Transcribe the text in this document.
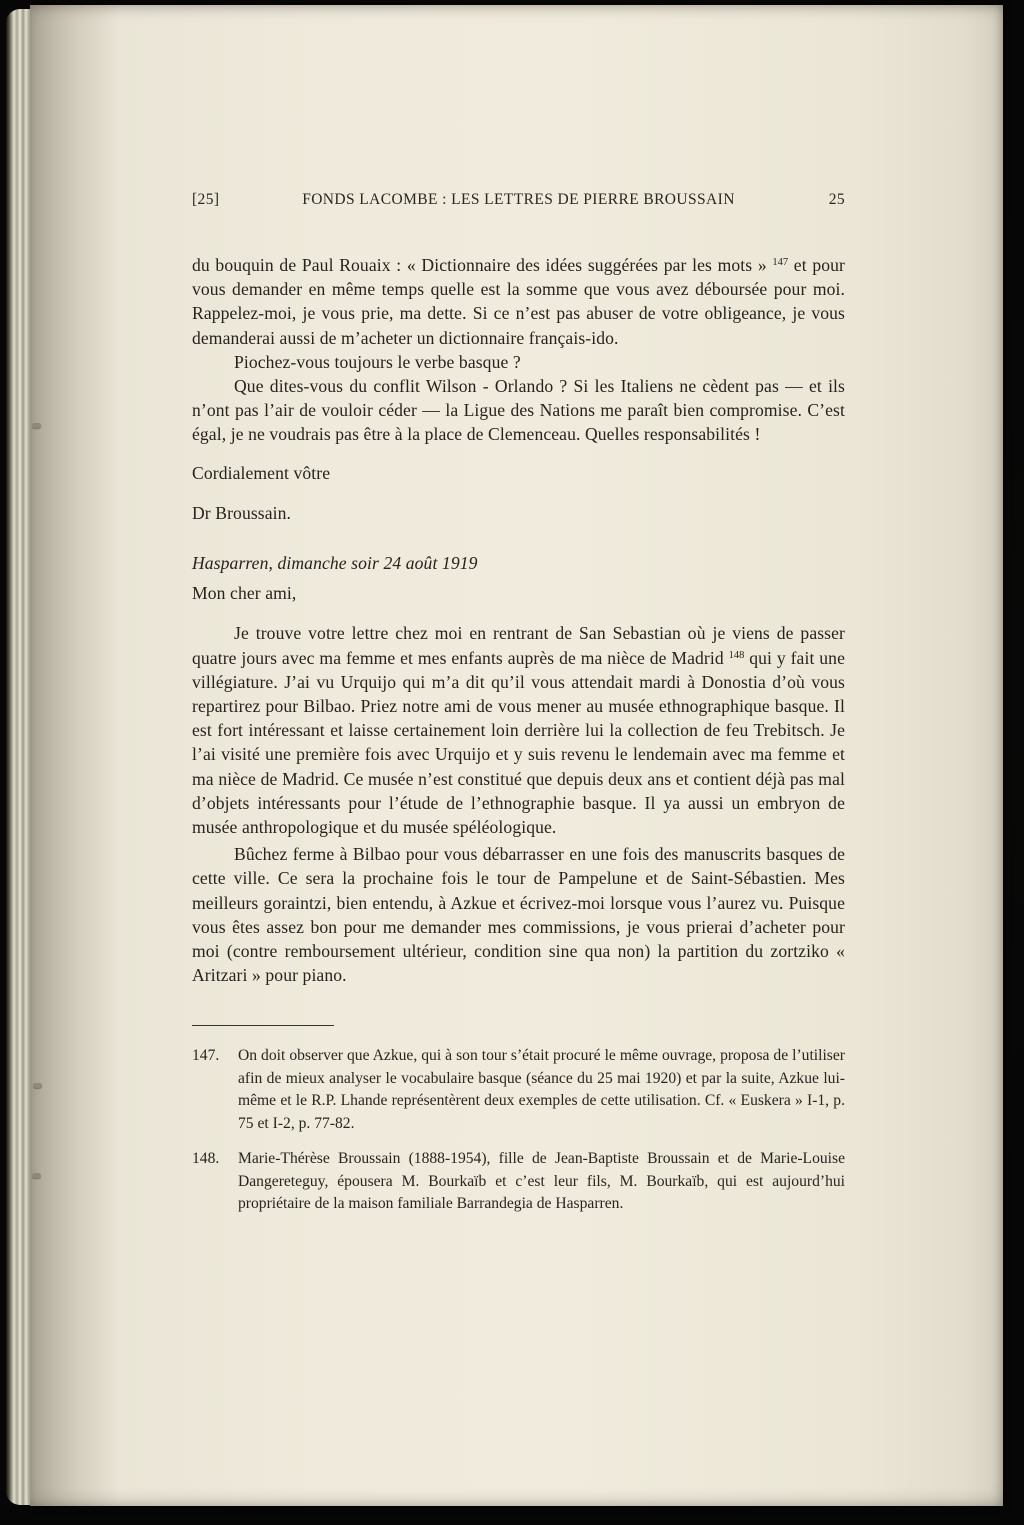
[25]	FONDS LACOMBE : LES LETTRES DE PIERRE BROUSSAIN	25

du bouquin de Paul Rouaix : « Dictionnaire des idées suggérées par les mots » $^{147}$ et pour vous demander en même temps quelle est la somme que vous avez déboursée pour moi. Rappelez-moi, je vous prie, ma dette. Si ce n’est pas abuser de votre obligeance, je vous demanderai aussi de m’acheter un dictionnaire français-ido.

Piochez-vous toujours le verbe basque ?

Que dites-vous du conflit Wilson - Orlando ? Si les Italiens ne cèdent pas — et ils n’ont pas l’air de vouloir céder — la Ligue des Nations me paraît bien compromise. C’est égal, je ne voudrais pas être à la place de Clemenceau. Quelles responsabilités !

Cordialement vôtre

Dr Broussain.

Hasparren, dimanche soir 24 août 1919

Mon cher ami,

Je trouve votre lettre chez moi en rentrant de San Sebastian où je viens de passer quatre jours avec ma femme et mes enfants auprès de ma nièce de Madrid $^{148}$ qui y fait une villégiature. J’ai vu Urquijo qui m’a dit qu’il vous attendait mardi à Donostia d’où vous repartirez pour Bilbao. Priez notre ami de vous mener au musée ethnographique basque. Il est fort intéressant et laisse certainement loin derrière lui la collection de feu Trebitsch. Je l’ai visité une première fois avec Urquijo et y suis revenu le lendemain avec ma femme et ma nièce de Madrid. Ce musée n’est constitué que depuis deux ans et contient déjà pas mal d’objets intéressants pour l’étude de l’ethnographie basque. Il ya aussi un embryon de musée anthropologique et du musée spéléologique.

Bûchez ferme à Bilbao pour vous débarrasser en une fois des manuscrits basques de cette ville. Ce sera la prochaine fois le tour de Pampelune et de Saint-Sébastien. Mes meilleurs goraintzi, bien entendu, à Azkue et écrivez-moi lorsque vous l’aurez vu. Puisque vous êtes assez bon pour me demander mes commissions, je vous prierai d’acheter pour moi (contre remboursement ultérieur, condition sine qua non) la partition du zortziko « Aritzari » pour piano.

147.	On doit observer que Azkue, qui à son tour s’était procuré le même ouvrage, proposa de l’utiliser afin de mieux analyser le vocabulaire basque (séance du 25 mai 1920) et par la suite, Azkue lui-même et le R.P. Lhande représentèrent deux exemples de cette utilisation. Cf. « Euskera » I-1, p. 75 et I-2, p. 77-82.
148.	Marie-Thérèse Broussain (1888-1954), fille de Jean-Baptiste Broussain et de Marie-Louise Dangereteguy, épousera M. Bourkaïb et c’est leur fils, M. Bourkaïb, qui est aujourd’hui propriétaire de la maison familiale Barrandegia de Hasparren.
